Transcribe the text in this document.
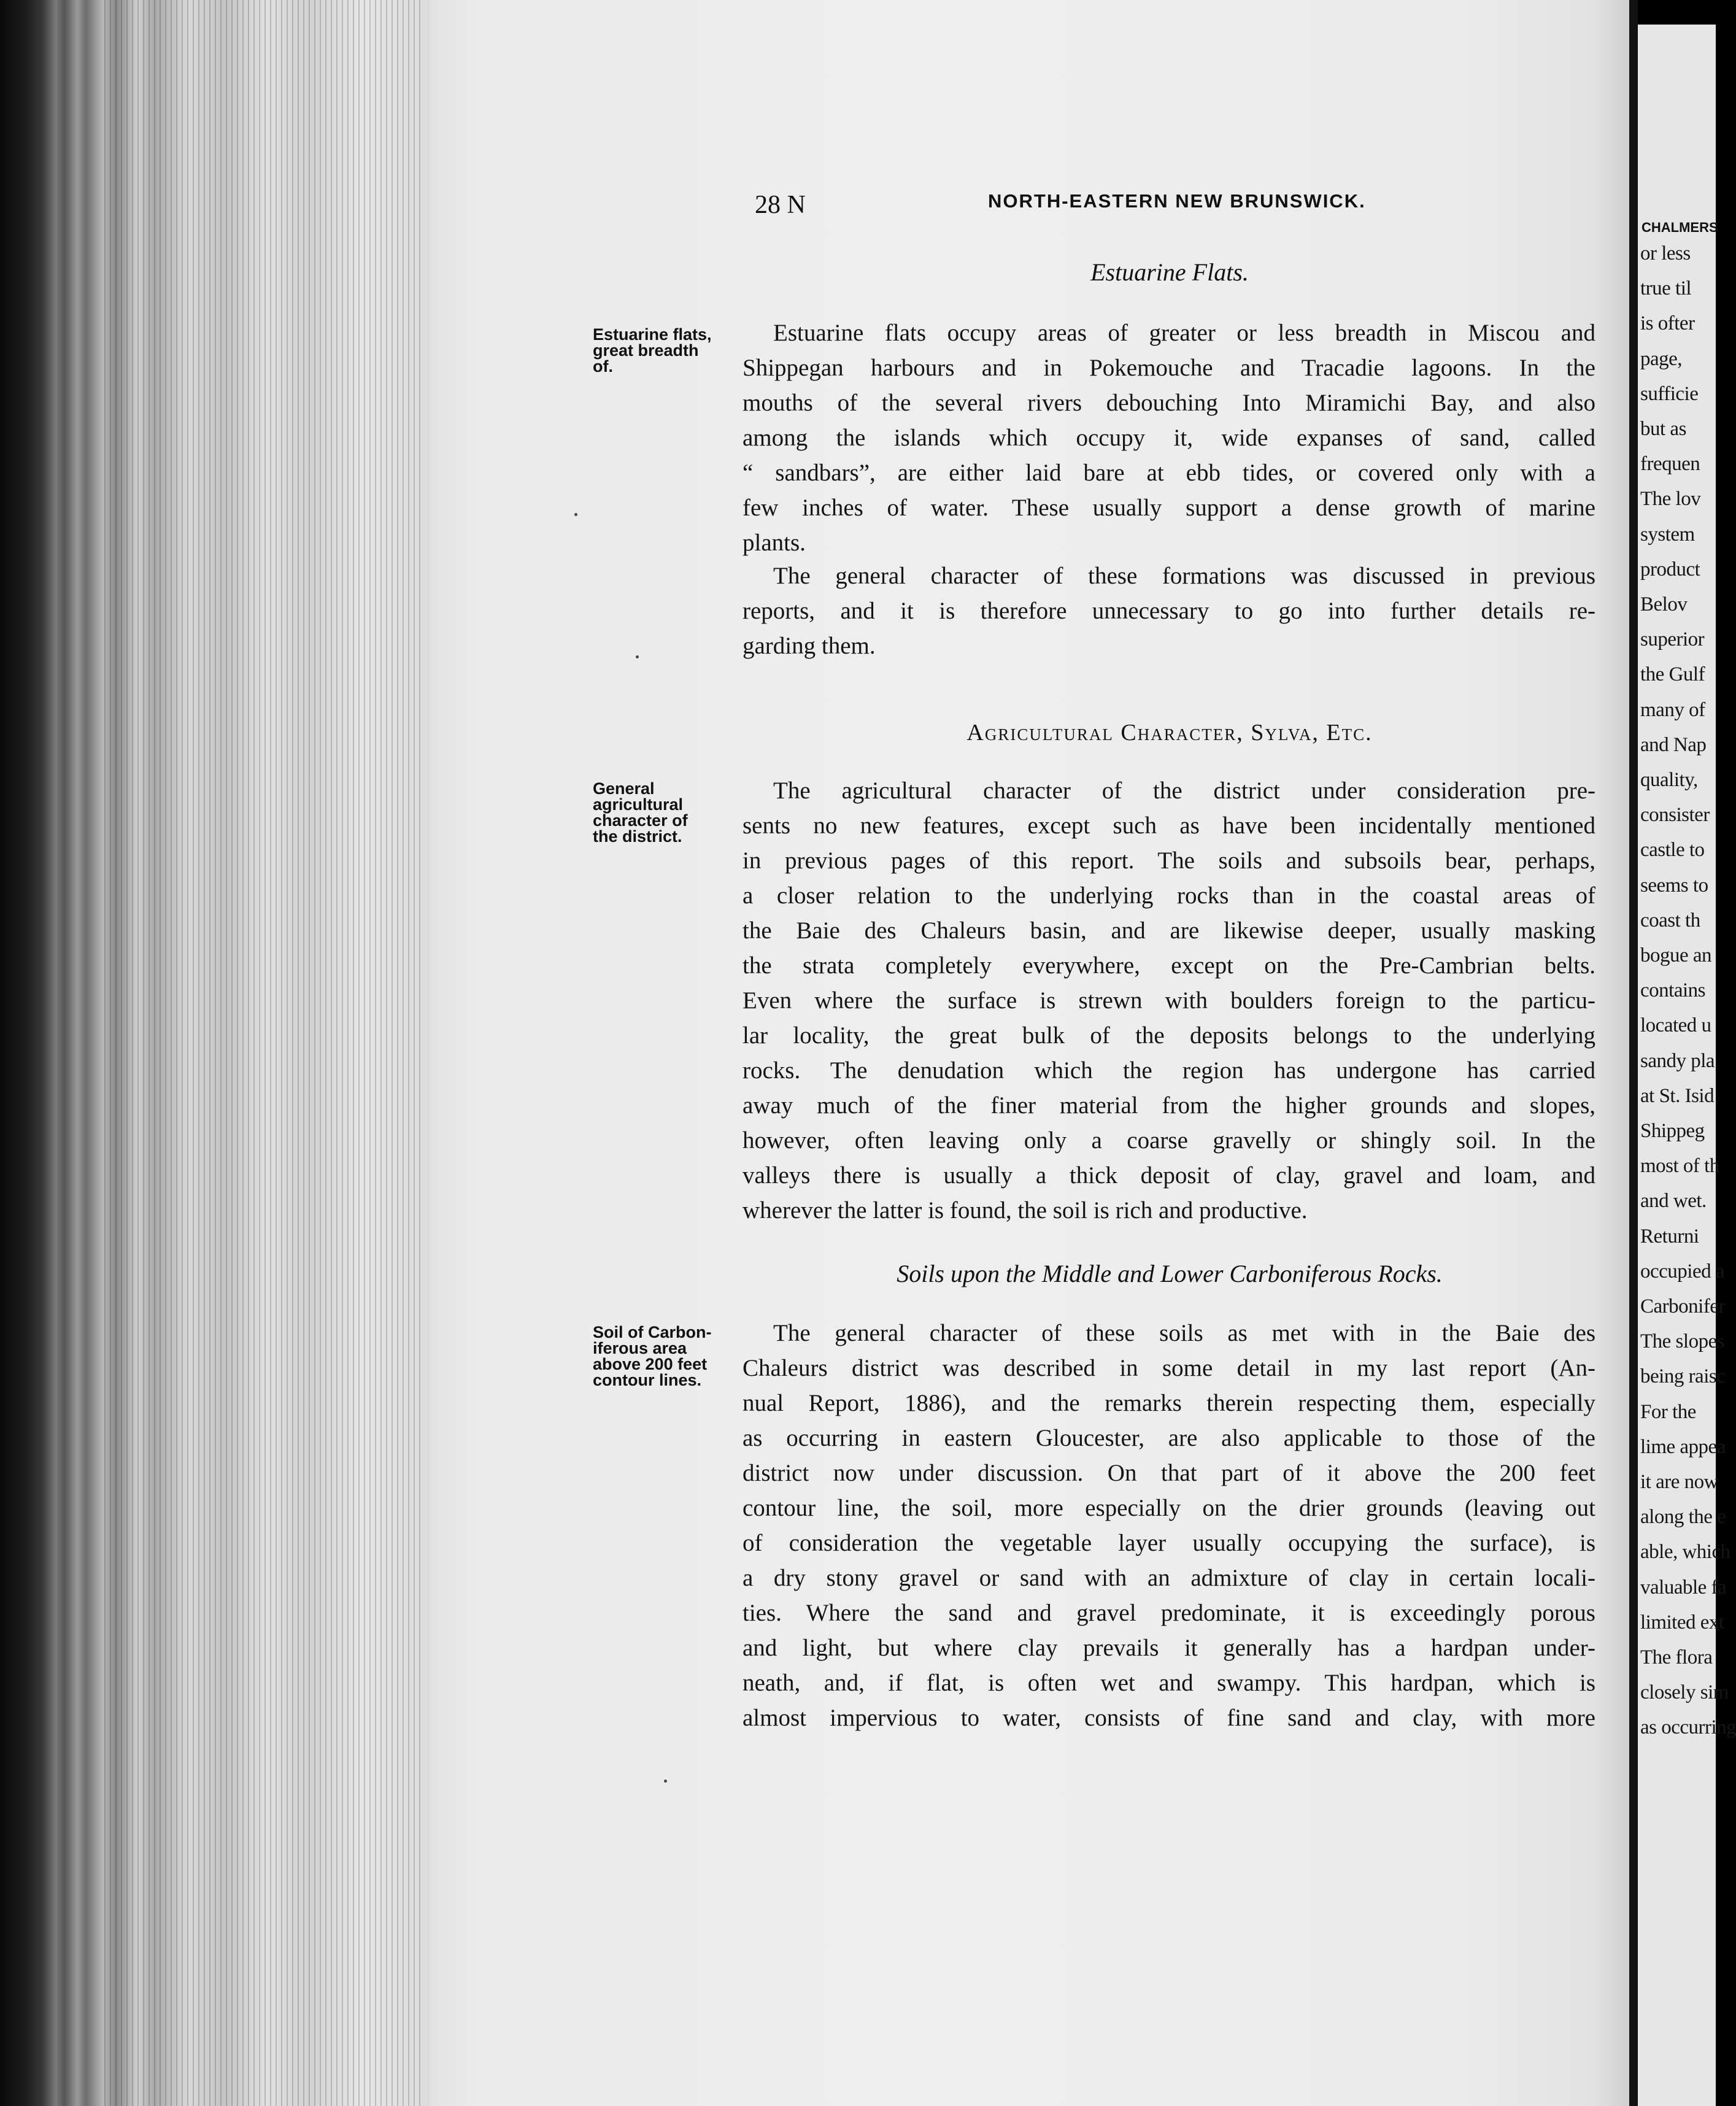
CHALMERS
or less
true til
is ofter
page,
sufficie
but as
frequen
The lov
system
product
Belov
superior
the Gulf
many of
and Nap
quality,
consister
castle to
seems to
coast th
bogue an
contains
located u
sandy pla
at St. Isid
Shippeg
most of th
and wet.
Returni
occupied a
Carbonifer
The slopes
being raisc
For the
lime appea
it are now
along the e
able, which
valuable fa
limited ext
The flora
closely sim
as occurring
28 N	NORTH-EASTERN NEW BRUNSWICK.
Estuarine Flats.
Estuarine flats,
great breadth
of.
Estuarine flats occupy areas of greater or less breadth in Miscou and
Shippegan harbours and in Pokemouche and Tracadie lagoons. In the
mouths of the several rivers debouching Into Miramichi Bay, and also
among the islands which occupy it, wide expanses of sand, called
“ sandbars”, are either laid bare at ebb tides, or covered only with a
few inches of water. These usually support a dense growth of marine
plants.
The general character of these formations was discussed in previous
reports, and it is therefore unnecessary to go into further details re-
garding them.
Agricultural Character, Sylva, Etc.
General
agricultural
character of
the district.
The agricultural character of the district under consideration pre-
sents no new features, except such as have been incidentally mentioned
in previous pages of this report. The soils and subsoils bear, perhaps,
a closer relation to the underlying rocks than in the coastal areas of
the Baie des Chaleurs basin, and are likewise deeper, usually masking
the strata completely everywhere, except on the Pre-Cambrian belts.
Even where the surface is strewn with boulders foreign to the particu-
lar locality, the great bulk of the deposits belongs to the underlying
rocks. The denudation which the region has undergone has carried
away much of the finer material from the higher grounds and slopes,
however, often leaving only a coarse gravelly or shingly soil. In the
valleys there is usually a thick deposit of clay, gravel and loam, and
wherever the latter is found, the soil is rich and productive.
Soils upon the Middle and Lower Carboniferous Rocks.
Soil of Carbon-
iferous area
above 200 feet
contour lines.
The general character of these soils as met with in the Baie des
Chaleurs district was described in some detail in my last report (An-
nual Report, 1886), and the remarks therein respecting them, especially
as occurring in eastern Gloucester, are also applicable to those of the
district now under discussion. On that part of it above the 200 feet
contour line, the soil, more especially on the drier grounds (leaving out
of consideration the vegetable layer usually occupying the surface), is
a dry stony gravel or sand with an admixture of clay in certain locali-
ties. Where the sand and gravel predominate, it is exceedingly porous
and light, but where clay prevails it generally has a hardpan under-
neath, and, if flat, is often wet and swampy. This hardpan, which is
almost impervious to water, consists of fine sand and clay, with more
